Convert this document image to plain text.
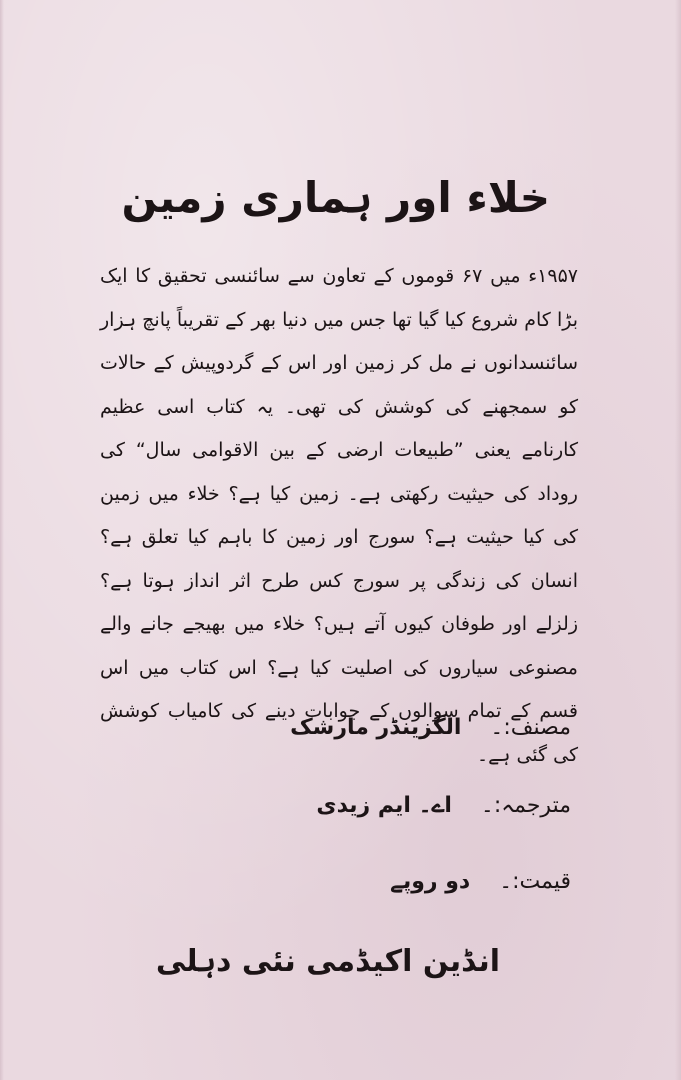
خلاء اور ہماری زمین
۱۹۵۷ء میں ۶۷ قوموں کے تعاون سے سائنسی تحقیق کا ایک بڑا کام شروع کیا گیا تھا جس میں دنیا بھر کے تقریباً پانچ ہزار سائنسدانوں نے مل کر زمین اور اس کے گردوپیش کے حالات کو سمجھنے کی کوشش کی تھی۔ یہ کتاب اسی عظیم کارنامے یعنی ”طبیعات ارضی کے بین الاقوامی سال“ کی روداد کی حیثیت رکھتی ہے۔ زمین کیا ہے؟ خلاء میں زمین کی کیا حیثیت ہے؟ سورج اور زمین کا باہم کیا تعلق ہے؟ انسان کی زندگی پر سورج کس طرح اثر انداز ہوتا ہے؟ زلزلے اور طوفان کیوں آتے ہیں؟ خلاء میں بھیجے جانے والے مصنوعی سیاروں کی اصلیت کیا ہے؟ اس کتاب میں اس قسم کے تمام سوالوں کے جوابات دینے کی کامیاب کوشش کی گئی ہے۔
مصنف:۔ الگزینڈر مارشک
مترجمہ:۔ اے۔ ایم زیدی
قیمت:۔ دو روپے
انڈین اکیڈمی نئی دہلی
